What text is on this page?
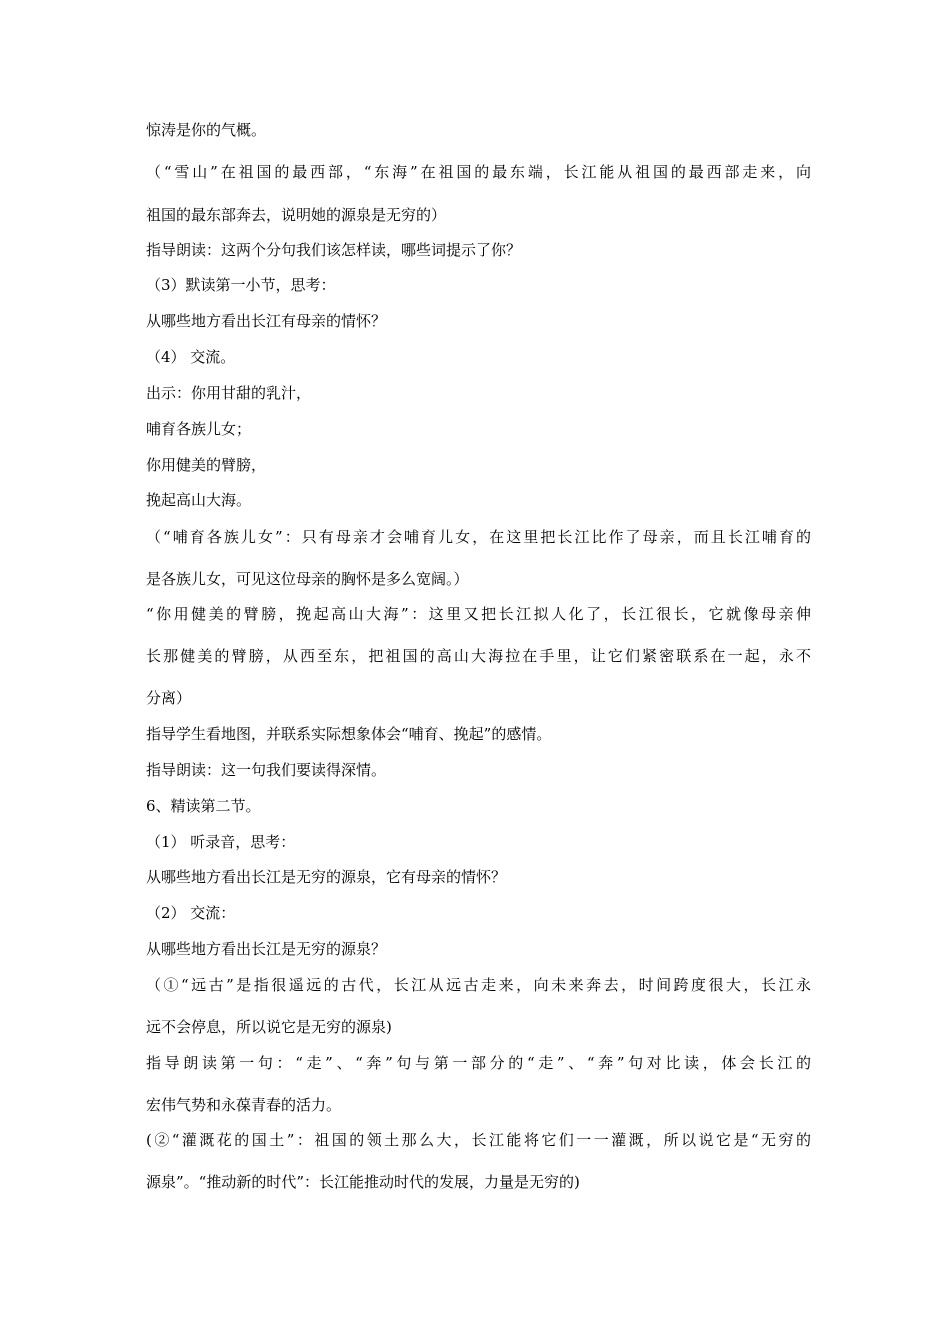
惊涛是你的气概。
（“雪山”在祖国的最西部，“东海”在祖国的最东端，长江能从祖国的最西部走来，向
祖国的最东部奔去，说明她的源泉是无穷的）
指导朗读：这两个分句我们该怎样读，哪些词提示了你？
（3）默读第一小节，思考：
从哪些地方看出长江有母亲的情怀？
（4） 交流。
出示：你用甘甜的乳汁，
哺育各族儿女；
你用健美的臂膀，
挽起高山大海。
（“哺育各族儿女”：只有母亲才会哺育儿女，在这里把长江比作了母亲，而且长江哺育的
是各族儿女，可见这位母亲的胸怀是多么宽阔。）
“你用健美的臂膀，挽起高山大海”：这里又把长江拟人化了，长江很长，它就像母亲伸
长那健美的臂膀，从西至东，把祖国的高山大海拉在手里，让它们紧密联系在一起，永不
分离）
指导学生看地图，并联系实际想象体会“哺育、挽起”的感情。
指导朗读：这一句我们要读得深情。
6、精读第二节。
（1） 听录音，思考：
从哪些地方看出长江是无穷的源泉，它有母亲的情怀？
（2） 交流：
从哪些地方看出长江是无穷的源泉？
（①“远古”是指很遥远的古代，长江从远古走来，向未来奔去，时间跨度很大，长江永
远不会停息，所以说它是无穷的源泉)
指导朗读第一句：“走”、“奔”句与第一部分的“走”、“奔”句对比读，体会长江的
宏伟气势和永葆青春的活力。
(②“灌溉花的国土”：祖国的领土那么大，长江能将它们一一灌溉，所以说它是“无穷的
源泉”。“推动新的时代”：长江能推动时代的发展，力量是无穷的)
